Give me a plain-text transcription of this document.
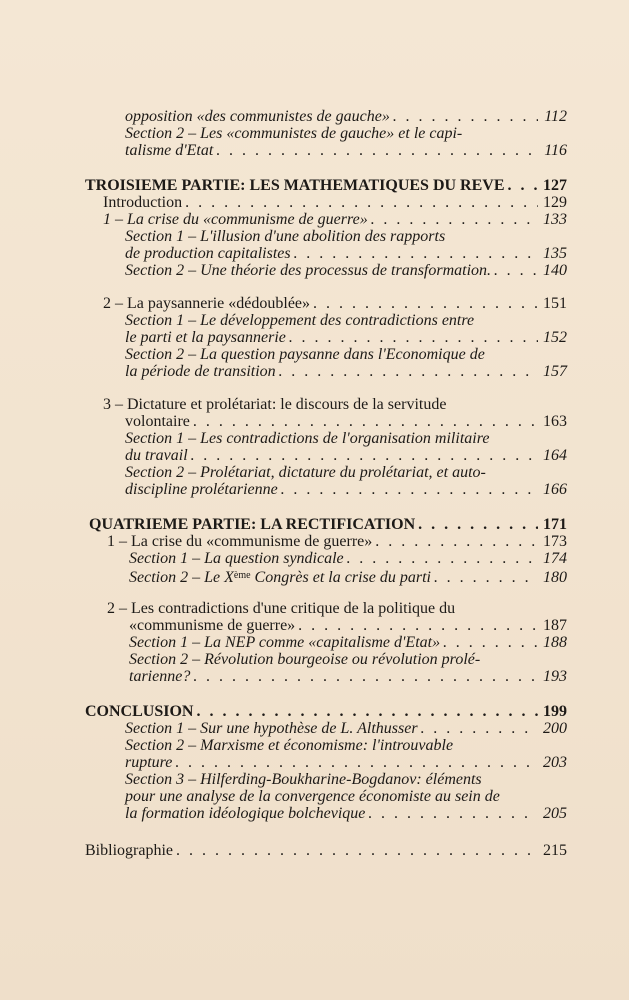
opposition «des communistes de gauche» . . .	112
Section 2 – Les «communistes de gauche» et le capi-
talisme d'Etat . . .	116
TROISIEME PARTIE: LES MATHEMATIQUES DU REVE . . . 127
Introduction . . .	129
1 – La crise du «communisme de guerre» . . .	133
Section 1 – L'illusion d'une abolition des rapports
de production capitalistes . . .	135
Section 2 – Une théorie des processus de transformation. . . .	140
2 – La paysannerie «dédoublée» . . .	151
Section 1 – Le développement des contradictions entre
le parti et la paysannerie . . .	152
Section 2 – La question paysanne dans l'Economique de
la période de transition . . .	157
3 – Dictature et prolétariat: le discours de la servitude
volontaire . . .	163
Section 1 – Les contradictions de l'organisation militaire
du travail . . .	164
Section 2 – Prolétariat, dictature du prolétariat, et auto-
discipline prolétarienne . . .	166
QUATRIEME PARTIE: LA RECTIFICATION . . .	171
1 – La crise du «communisme de guerre» . . .	173
Section 1 – La question syndicale . . .	174
Section 2 – Le Xème Congrès et la crise du parti . . .	180
2 – Les contradictions d'une critique de la politique du
«communisme de guerre» . . .	187
Section 1 – La NEP comme «capitalisme d'Etat» . . .	188
Section 2 – Révolution bourgeoise ou révolution prolé-
tarienne? . . .	193
CONCLUSION . . .	199
Section 1 – Sur une hypothèse de L. Althusser . . .	200
Section 2 – Marxisme et économisme: l'introuvable
rupture . . .	203
Section 3 – Hilferding-Boukharine-Bogdanov: éléments
pour une analyse de la convergence économiste au sein de
la formation idéologique bolchevique . . .	205
Bibliographie . . .	215
